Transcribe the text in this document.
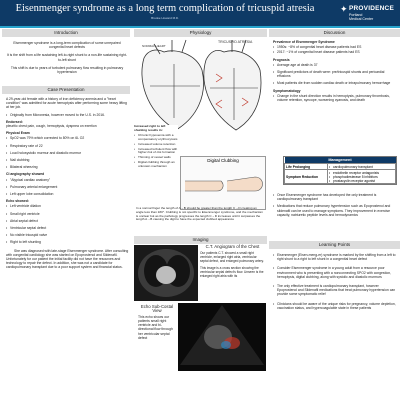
Eisenmenger syndrome as a long term complication of tricuspid atresia
Brooke Howard M.D.
✦ PROVIDENCE
Portland
Medical Center
Introduction
Eisenmenger syndrome is a long-term complication of some unrepaired congenital heart defects
It is the shift from a life sustaining left-to-right shunt to a non-life sustaining right-to-left shunt
This shift is due to years of turbulent pulmonary flow resulting in pulmonary hypertension
Case Presentation
A 29-year-old female with a history of iron deficiency anemia and a "heart condition" was admitted for acute hemoptysis after performing some heavy lifting at her job.
• Originally from Micronesia, however moved to the U.S. in 2016.
Endorsed:
pleuritic chest pain, cough, hemoptysis, dyspnea on exertion
Physical Exam
• SpO2 was 79% which corrected to 80% on 6L O2
• Respiratory rate of 22
• Loud holosystolic murmur and diastolic murmur
• Nail clubbing
• Bilateral wheezing
CI angiography showed
• "Atypical cardiac anatomy"
• Pulmonary arterial enlargement
• Left upper lobe consolidation
Echo showed:
• Left ventricle dilation
• Small right ventricle
• Atrial septal defect
• Ventricular septal defect
• No visible tricuspid valve
• Right to left shunting
She was diagnosed with late-stage Eisenmenger syndrome. After consulting with congenital cardiology she was started on Epoprostenol and Sildenafil. Unfortunately for our patient the initial facility did not have the resources and technology to repair the defect. In addition, she was not a candidate for cardiopulmonary transplant due to a poor support system and financial status.
Physiology
NORMAL HEART
TRICUSPID ATRESIA
Increased right to left shunting results in:
• Chronic hypoxemia with a compensatory erythrocytosis
• Increased volume retention
• Increased turbulent flow with higher risk of clot formation
• Thinning of vessel walls
• Digital clubbing through an unknown mechanism
Digital Clubbing
In a normal finger the length of A→B should be greater than the length C→D creating an angle less than 180°. Clubbing is not specific to Eisenmenger syndrome, and the mechanism is unclear but as the pathology progresses the length C→D increases until it surpasses the length A→B causing the digit to have the expected clubbed appearance
Imaging
C.T. Angiogram of the Chest
Our patients C.T. showed a small right ventricle, enlarged right atria, ventricular septal defect, and enlarged pulmonary artery.
This image is a cross section showing the ventricular septal defect's flow. Unseen is the enlarged right atria with its
Echo Sub-Costal View
This echo shows our patients small right ventricle and bi-directional flow through her ventricular septal defect
Discussion
Prevalence of Eisenmenger Syndrome
• 1950s: ~8% of congenital heart disease patients had ES
• 2017: ~1% of congenital heart disease patients had ES
Prognosis
• Average age at death is 37
• Significant predictors of death were: pre/tricuspid shunts and pericardial effusions
• Most patients die from sudden cardiac death or intrapulmonary hemorrhage
Symptomatology
• Change in the shunt direction results in hemoptysis, pulmonary thrombosis, volume retention, syncope, worsening cyanosis, and death
Management	
Life Prolonging	• cardiopulmonary transplant

Symptom Reduction	• endothelin receptor antagonists
• phosphodiesterase 5 inhibitors
• prostacyclin receptor agonist
• Once Eisenmenger syndrome has developed the only treatment is cardiopulmonary transplant
• Medications that reduce pulmonary hypertension such as Epoprostenol and sildenafil can be used to manage symptoms. They improvement in exercise capacity, natriuretic peptide levels and hemodynamics
Learning Points
• Eisenmenger (Eisen-meng-er) syndrome is marked by the shifting from a left to right shunt to a right to left shunt in a congenital heart defect
• Consider Eisenmenger syndrome in a young adult from a resource poor environment who is presenting with a nonconnecting SPO2 with congestion, hemoptysis, digital clubbing, along with systolic and diastolic murmurs
• The only effective treatment is cardiopulmonary transplant, however Epoprostenol and Sildenafil medications that treat pulmonary hypertension can provide some symptomatic relief
• Clinicians should be aware of the unique risks for pregnancy, volume depletion, vaccination status, and hypercoagulable state in these patients
